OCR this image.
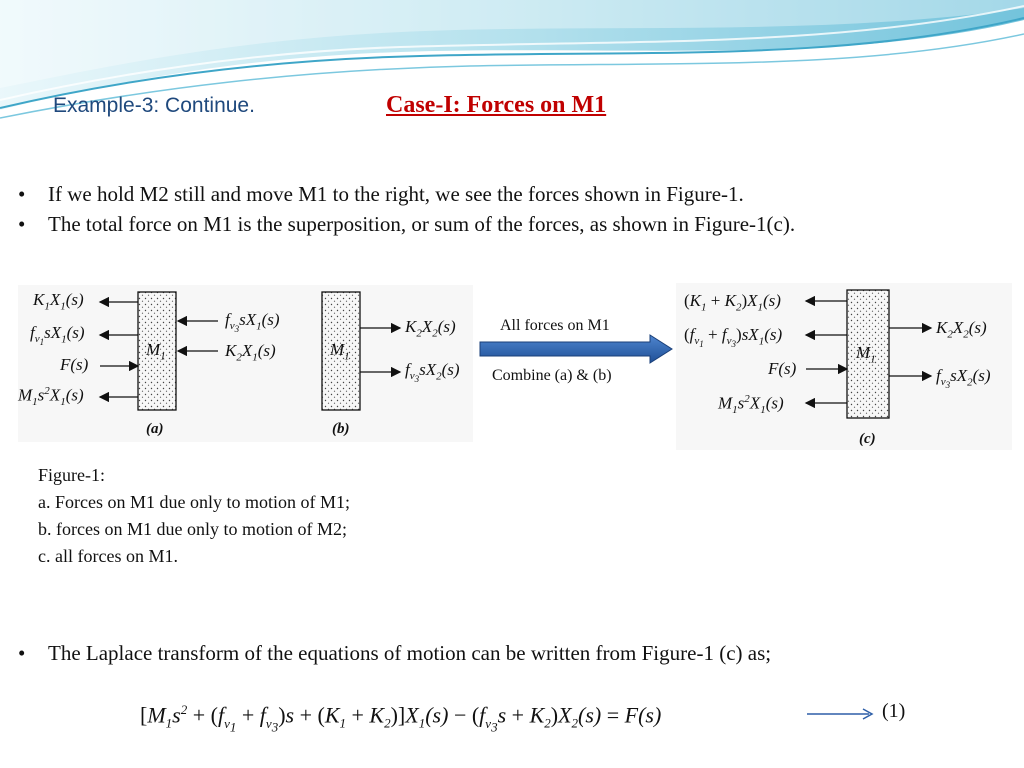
Example-3: Continue.	Case-I: Forces on M1
• If we hold M2 still and move M1 to the right, we see the forces shown in Figure-1.
• The total force on M1 is the superposition, or sum of the forces, as shown in Figure-1(c).
$K_1X_1(s)$
$f_{v_1}sX_1(s)$
F(s)
$M_1s^2X_1(s)$
$f_{v_3}sX_1(s)$
$K_2X_1(s)$
$M_1$
(a)
$M_1$
$K_2X_2(s)$
$f_{v_3}sX_2(s)$
(b)
All forces on M1
Combine (a) & (b)
$(K_1 + K_2)X_1(s)$
$(f_{v_1} + f_{v_3})sX_1(s)$
F(s)
$M_1s^2X_1(s)$
$M_1$
$K_2X_2(s)$
$f_{v_3}sX_2(s)$
(c)
Figure-1:
a. Forces on M1 due only to motion of M1;
b. forces on M1 due only to motion of M2;
c. all forces on M1.
• The Laplace transform of the equations of motion can be written from Figure-1 (c) as;
$[M_1s^2 + (f_{v_1} + f_{v_3})s + (K_1 + K_2)]X_1(s) - (f_{v_3}s + K_2)X_2(s) = F(s)$	(1)
